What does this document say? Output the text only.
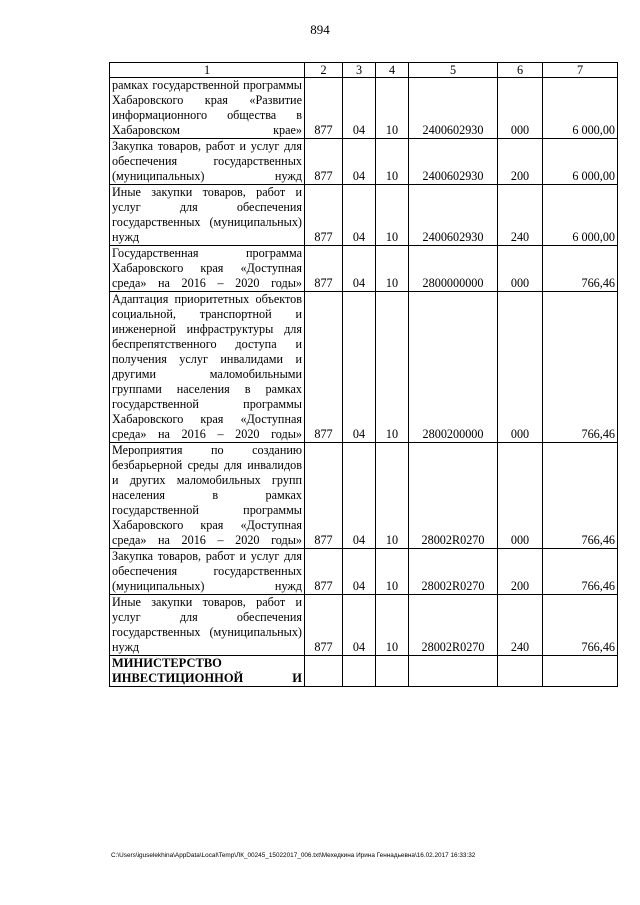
894
1	2	3	4	5	6	7
рамках государственной программы Хабаровского края «Развитие информационного общества в Хабаровском крае»	877	04	10	2400602930	000	6 000,00
Закупка товаров, работ и услуг для обеспечения государственных (муниципальных) нужд	877	04	10	2400602930	200	6 000,00
Иные закупки товаров, работ и услуг для обеспечения государственных (муниципальных) нужд	877	04	10	2400602930	240	6 000,00
Государственная программа Хабаровского края «Доступная среда» на 2016 – 2020 годы»	877	04	10	2800000000	000	766,46
Адаптация приоритетных объектов социальной, транспортной и инженерной инфраструктуры для беспрепятственного доступа и получения услуг инвалидами и другими маломобильными группами населения в рамках государственной программы Хабаровского края «Доступная среда» на 2016 – 2020 годы»	877	04	10	2800200000	000	766,46
Мероприятия по созданию безбарьерной среды для инвалидов и других маломобильных групп населения в рамках государственной программы Хабаровского края «Доступная среда» на 2016 – 2020 годы»	877	04	10	28002R0270	000	766,46
Закупка товаров, работ и услуг для обеспечения государственных (муниципальных) нужд	877	04	10	28002R0270	200	766,46
Иные закупки товаров, работ и услуг для обеспечения государственных (муниципальных) нужд	877	04	10	28002R0270	240	766,46
МИНИСТЕРСТВО ИНВЕСТИЦИОННОЙ И						
C:\Users\iguselekhina\AppData\Local\Temp\ЛК_00245_15022017_006.txt\Мехедкина Ирина Геннадьевна\16.02.2017 16:33:32
